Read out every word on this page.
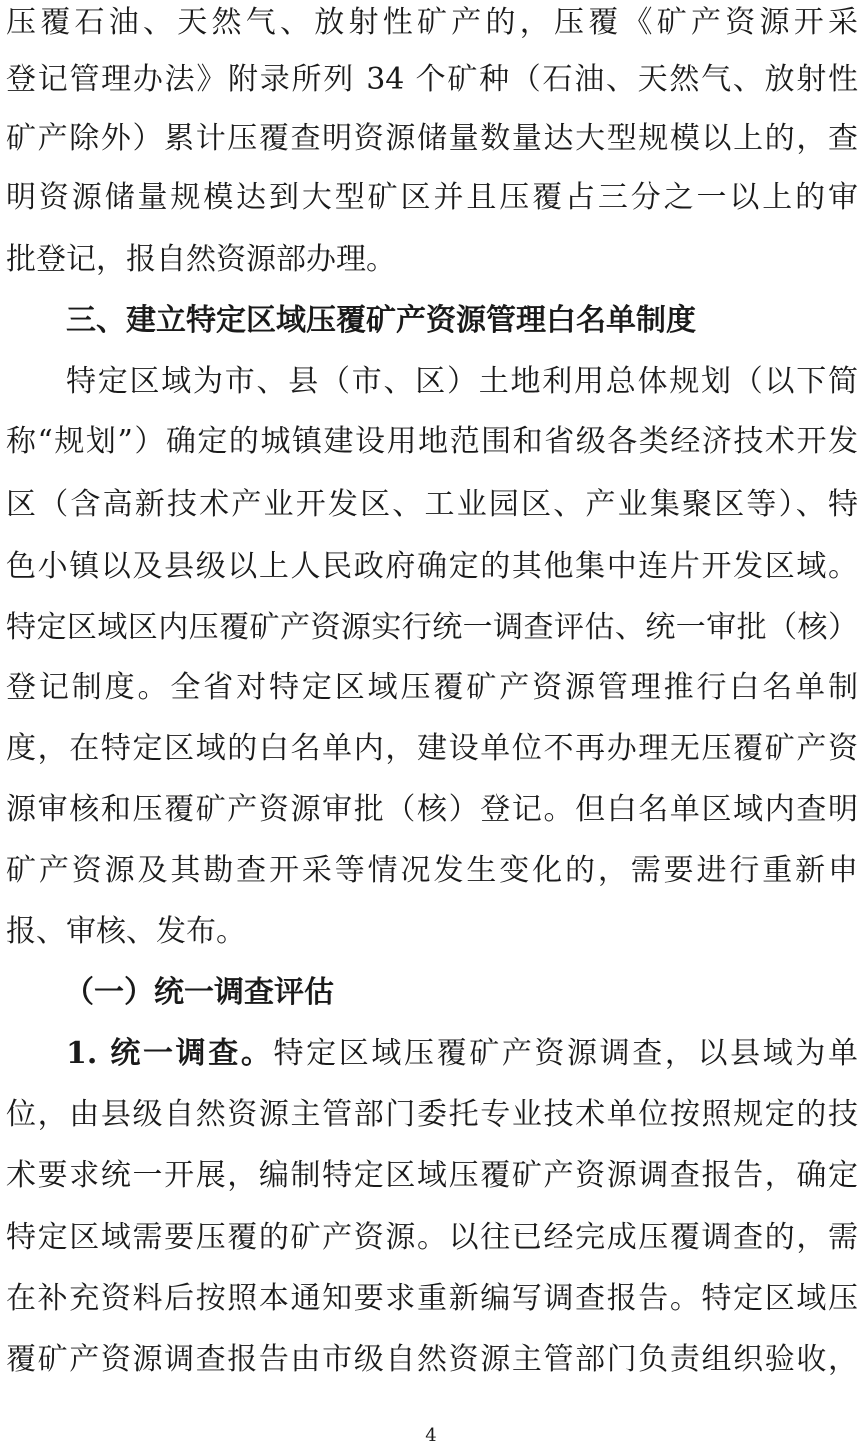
压覆石油、天然气、放射性矿产的，压覆《矿产资源开采
登记管理办法》附录所列 34 个矿种（石油、天然气、放射性
矿产除外）累计压覆查明资源储量数量达大型规模以上的，查
明资源储量规模达到大型矿区并且压覆占三分之一以上的审
批登记，报自然资源部办理。
三、建立特定区域压覆矿产资源管理白名单制度
特定区域为市、县（市、区）土地利用总体规划（以下简
称“规划”）确定的城镇建设用地范围和省级各类经济技术开发
区（含高新技术产业开发区、工业园区、产业集聚区等）、特
色小镇以及县级以上人民政府确定的其他集中连片开发区域。
特定区域区内压覆矿产资源实行统一调查评估、统一审批（核）
登记制度。全省对特定区域压覆矿产资源管理推行白名单制
度，在特定区域的白名单内，建设单位不再办理无压覆矿产资
源审核和压覆矿产资源审批（核）登记。但白名单区域内查明
矿产资源及其勘查开采等情况发生变化的，需要进行重新申
报、审核、发布。
（一）统一调查评估
1. 统一调查。特定区域压覆矿产资源调查，以县域为单
位，由县级自然资源主管部门委托专业技术单位按照规定的技
术要求统一开展，编制特定区域压覆矿产资源调查报告，确定
特定区域需要压覆的矿产资源。以往已经完成压覆调查的，需
在补充资料后按照本通知要求重新编写调查报告。特定区域压
覆矿产资源调查报告由市级自然资源主管部门负责组织验收，
4
